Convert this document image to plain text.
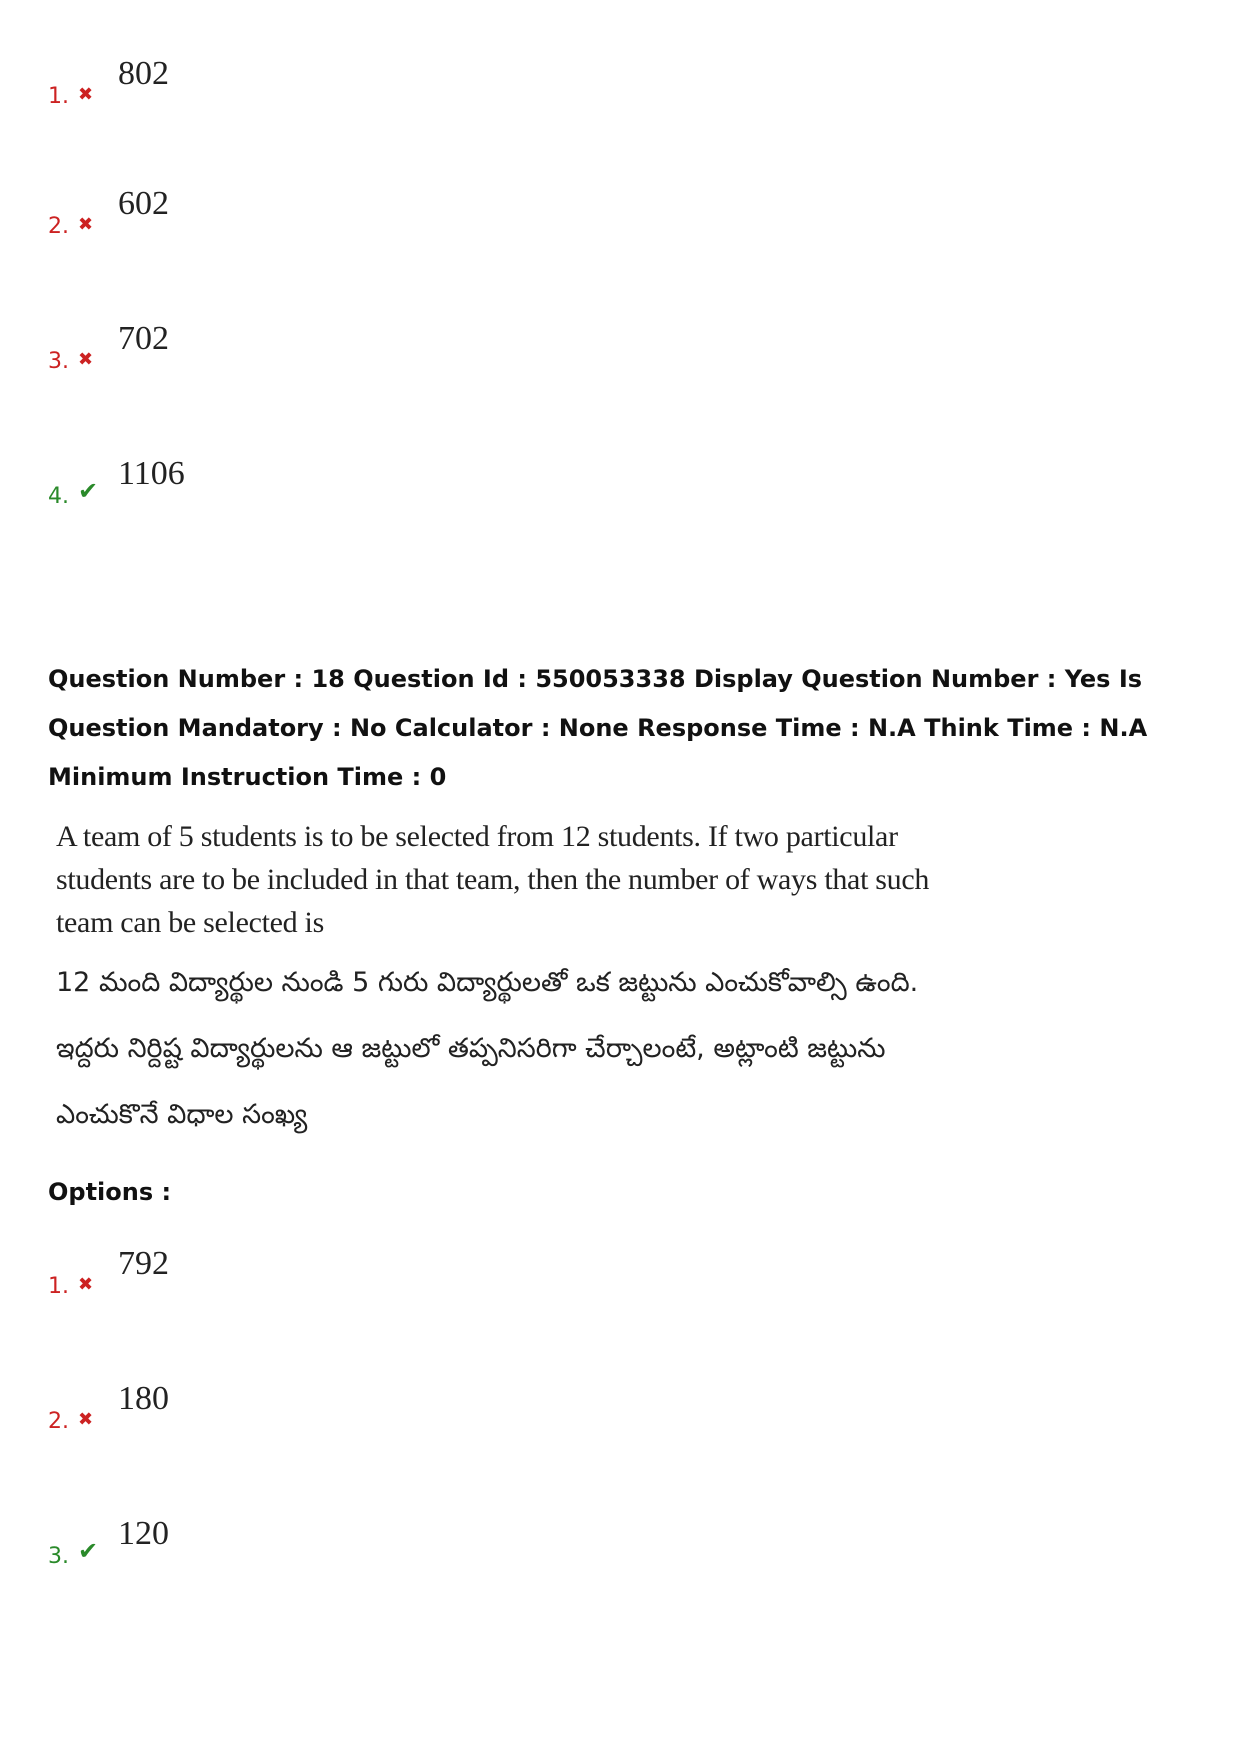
1. ✖
802
2. ✖
602
3. ✖
702
4. ✔ 1106
Question Number : 18 Question Id : 550053338 Display Question Number : Yes Is Question Mandatory : No Calculator : None Response Time : N.A Think Time : N.A Minimum Instruction Time : 0
A team of 5 students is to be selected from 12 students. If two particular students are to be included in that team, then the number of ways that such team can be selected is
12 మంది విద్యార్థుల నుండి 5 గురు విద్యార్థులతో ఒక జట్టును ఎంచుకోవాల్సి ఉంది. ఇద్దరు నిర్దిష్ట విద్యార్థులను ఆ జట్టులో తప్పనిసరిగా చేర్చాలంటే, అట్లాంటి జట్టును ఎంచుకొనే విధాల సంఖ్య
Options :
1. ✖
792
2. ✖
180
3. ✔ 120
